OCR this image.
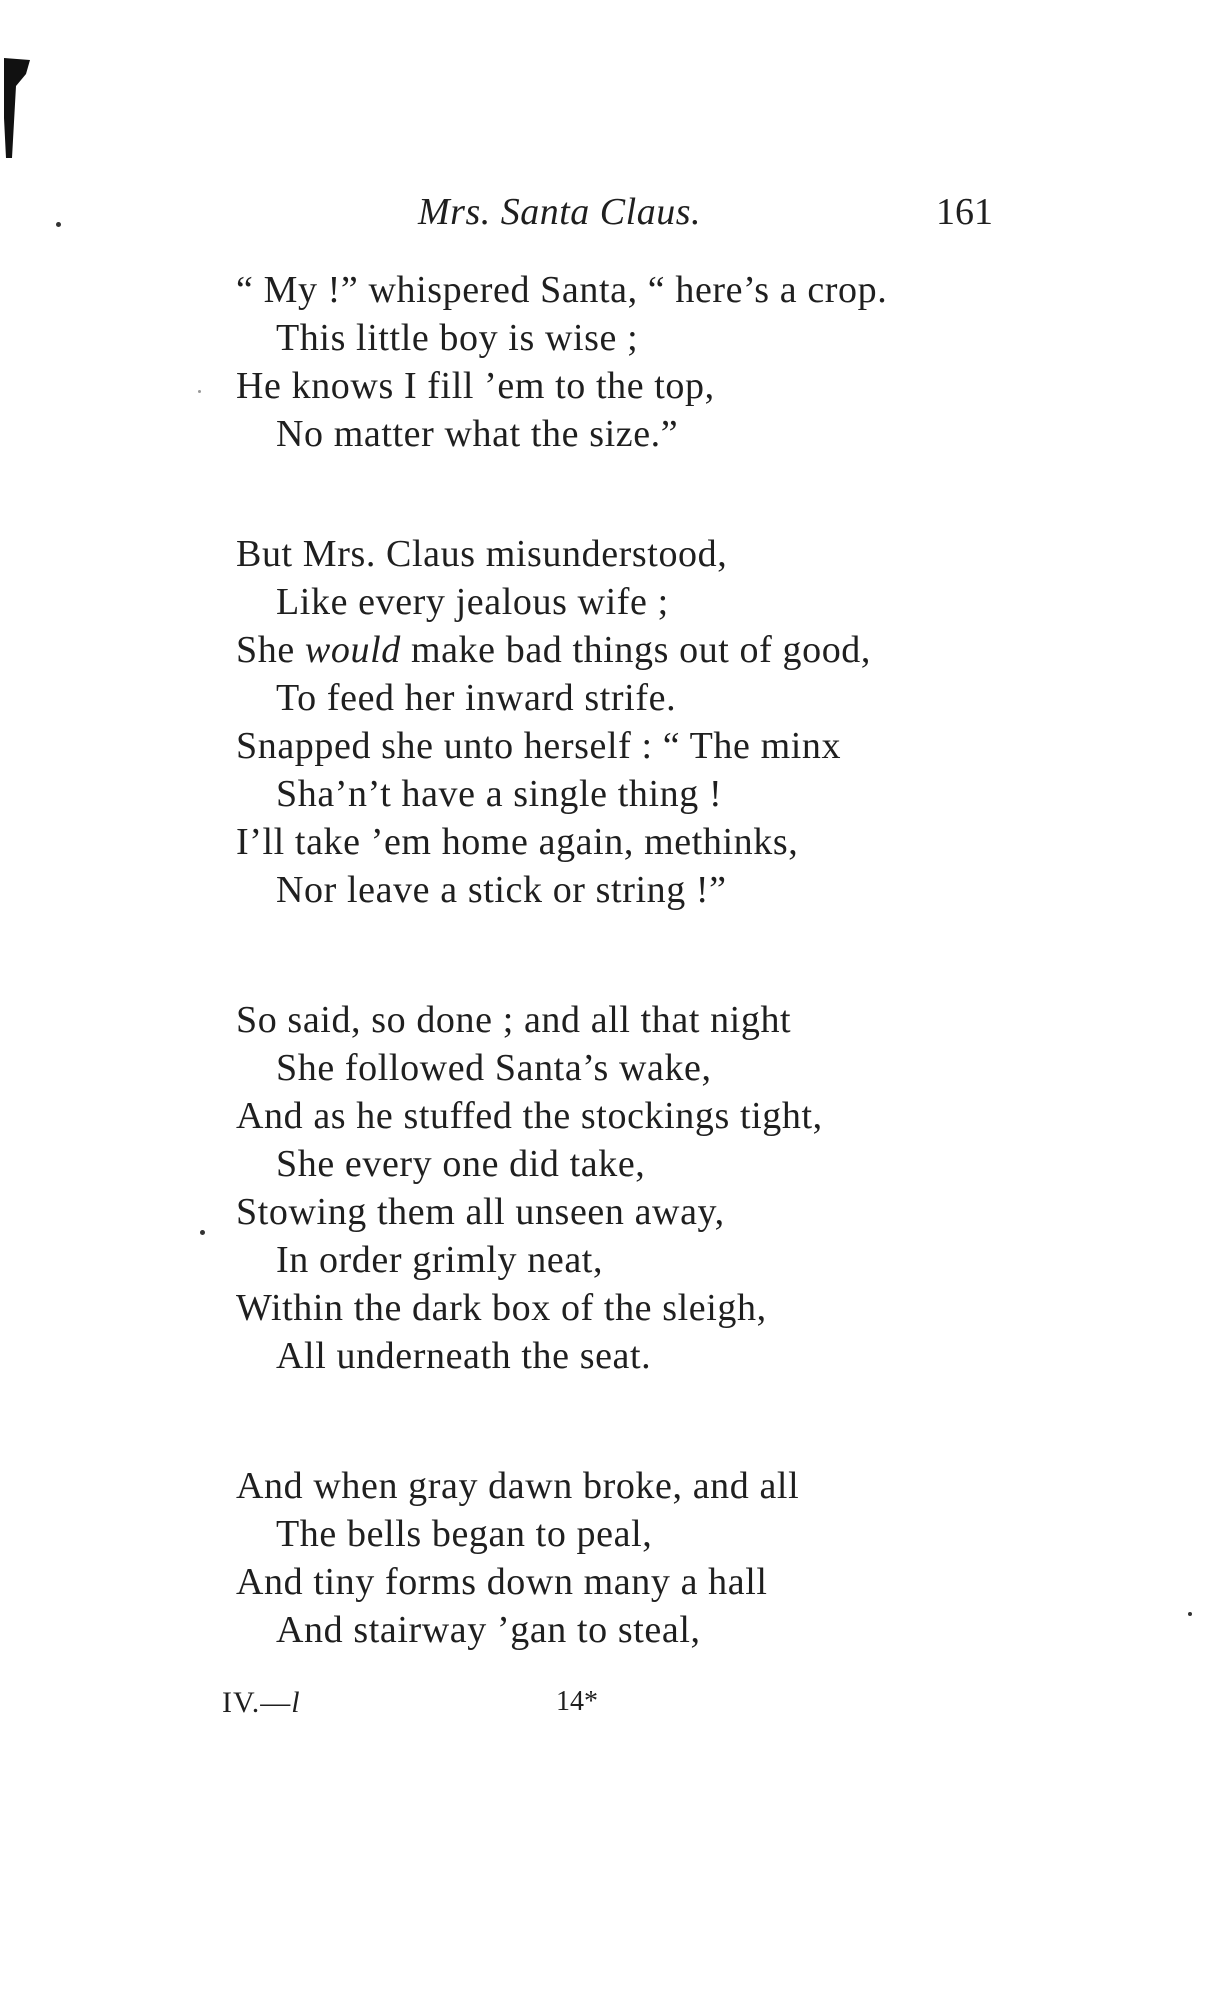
Mrs. Santa Claus.	161
“ My !” whispered Santa, “ here’s a crop.
This little boy is wise ;
He knows I fill ’em to the top,
No matter what the size.”
But Mrs. Claus misunderstood,
Like every jealous wife ;
She would make bad things out of good,
To feed her inward strife.
Snapped she unto herself : “ The minx
Sha’n’t have a single thing !
I’ll take ’em home again, methinks,
Nor leave a stick or string !”
So said, so done ; and all that night
She followed Santa’s wake,
And as he stuffed the stockings tight,
She every one did take,
Stowing them all unseen away,
In order grimly neat,
Within the dark box of the sleigh,
All underneath the seat.
And when gray dawn broke, and all
The bells began to peal,
And tiny forms down many a hall
And stairway ’gan to steal,
IV.—l	14*
